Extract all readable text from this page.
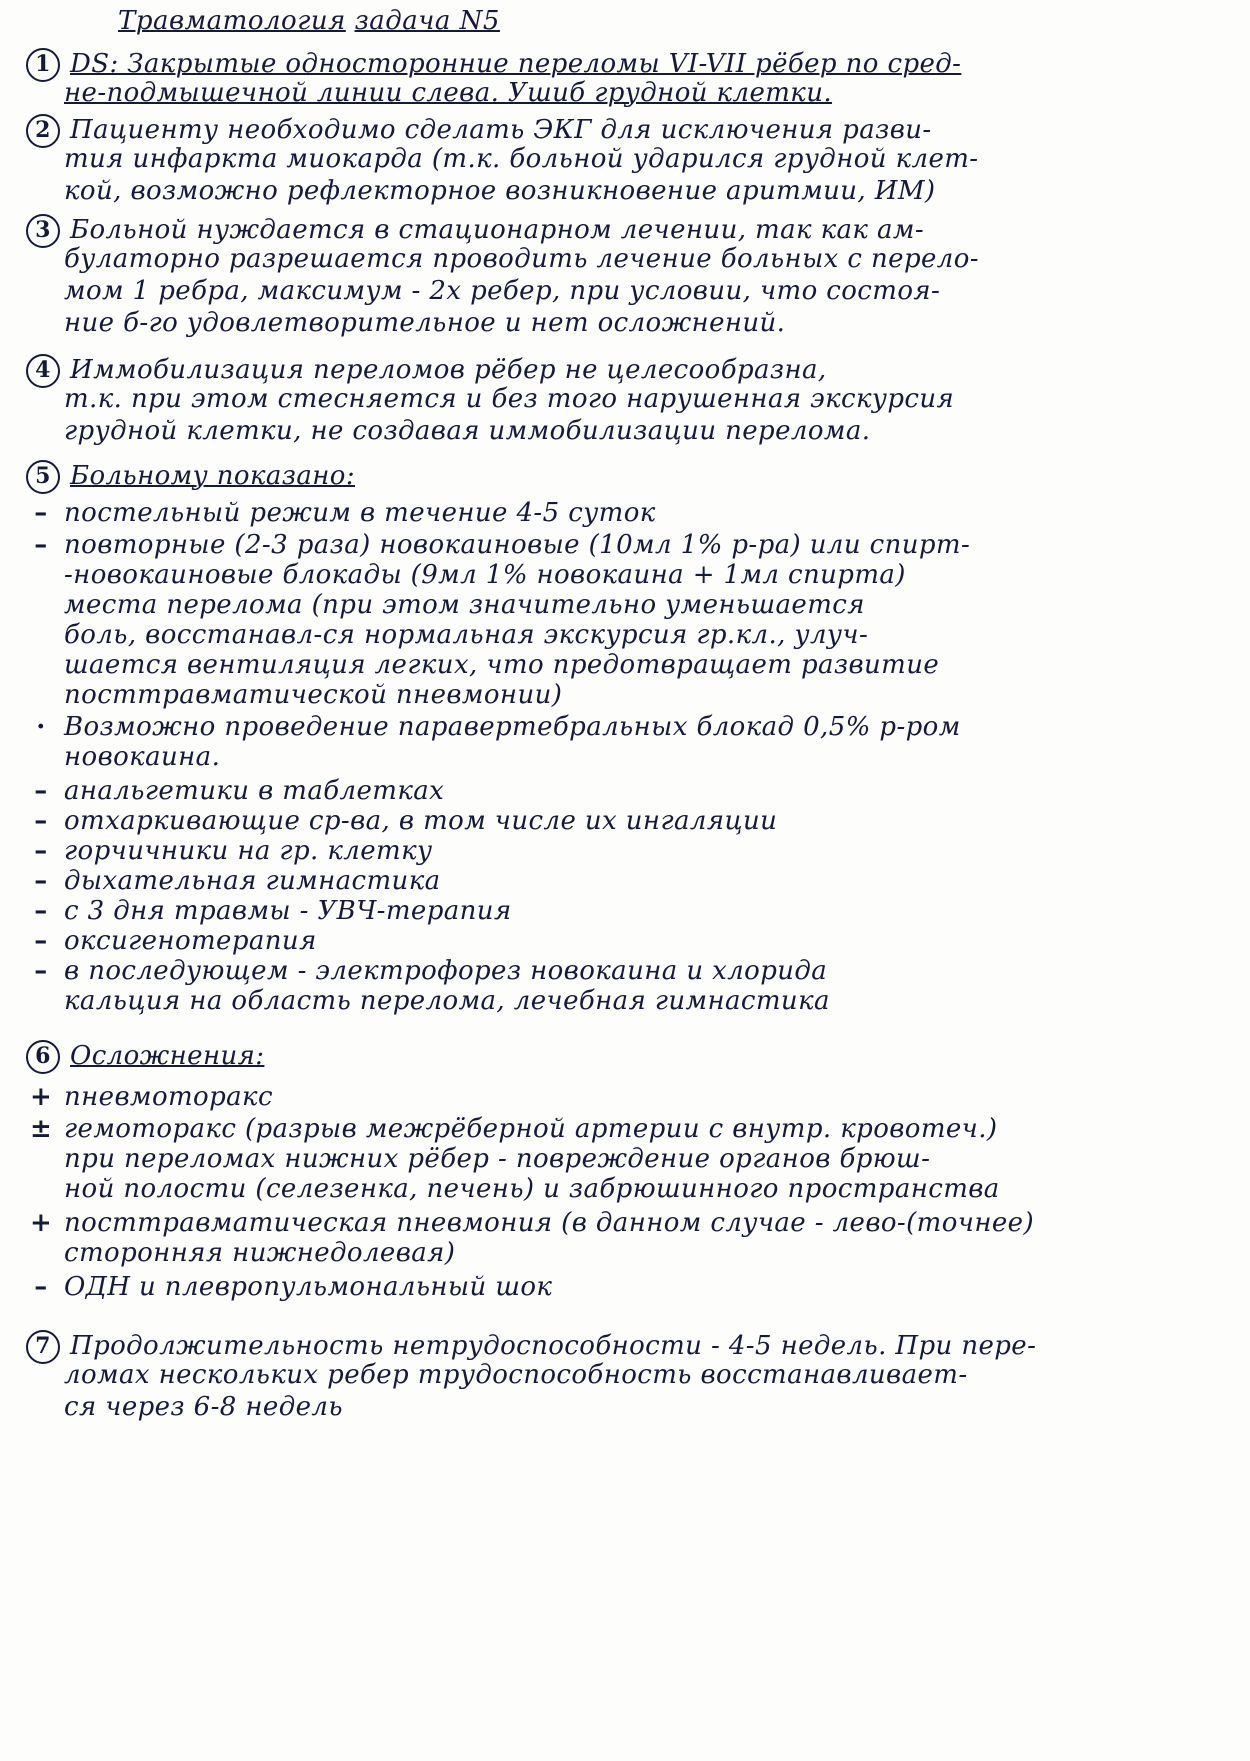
Травматология задача N5
1 DS: Закрытые односторонние переломы VI-VII рёбер по сред-
не-подмышечной линии слева. Ушиб грудной клетки.
2 Пациенту необходимо сделать ЭКГ для исключения разви-
тия инфаркта миокарда (т.к. больной ударился грудной клет-
кой, возможно рефлекторное возникновение аритмии, ИМ)
3 Больной нуждается в стационарном лечении, так как ам-
булаторно разрешается проводить лечение больных с перело-
мом 1 ребра, максимум - 2х ребер, при условии, что состоя-
ние б-го удовлетворительное и нет осложнений.
4 Иммобилизация переломов рёбер не целесообразна,
т.к. при этом стесняется и без того нарушенная экскурсия
грудной клетки, не создавая иммобилизации перелома.
5 Больному показано:
– постельный режим в течение 4-5 суток
– повторные (2-3 раза) новокаиновые (10мл 1% р-ра) или спирт-
-новокаиновые блокады (9мл 1% новокаина + 1мл спирта)
места перелома (при этом значительно уменьшается
боль, восстанавл-ся нормальная экскурсия гр.кл., улуч-
шается вентиляция легких, что предотвращает развитие
посттравматической пневмонии)
· Возможно проведение паравертебральных блокад 0,5% р-ром
новокаина.
– анальгетики в таблетках
– отхаркивающие ср-ва, в том числе их ингаляции
– горчичники на гр. клетку
– дыхательная гимнастика
– с 3 дня травмы - УВЧ-терапия
– оксигенотерапия
– в последующем - электрофорез новокаина и хлорида
кальция на область перелома, лечебная гимнастика
6 Осложнения:
+ пневмоторакс
± гемоторакс (разрыв межрёберной артерии с внутр. кровотеч.)
при переломах нижних рёбер - повреждение органов брюш-
ной полости (селезенка, печень) и забрюшинного пространства
+ посттравматическая пневмония (в данном случае - лево-(точнее)
сторонняя нижнедолевая)
– ОДН и плевропульмональный шок
7 Продолжительность нетрудоспособности - 4-5 недель. При пере-
ломах нескольких ребер трудоспособность восстанавливает-
ся через 6-8 недель
